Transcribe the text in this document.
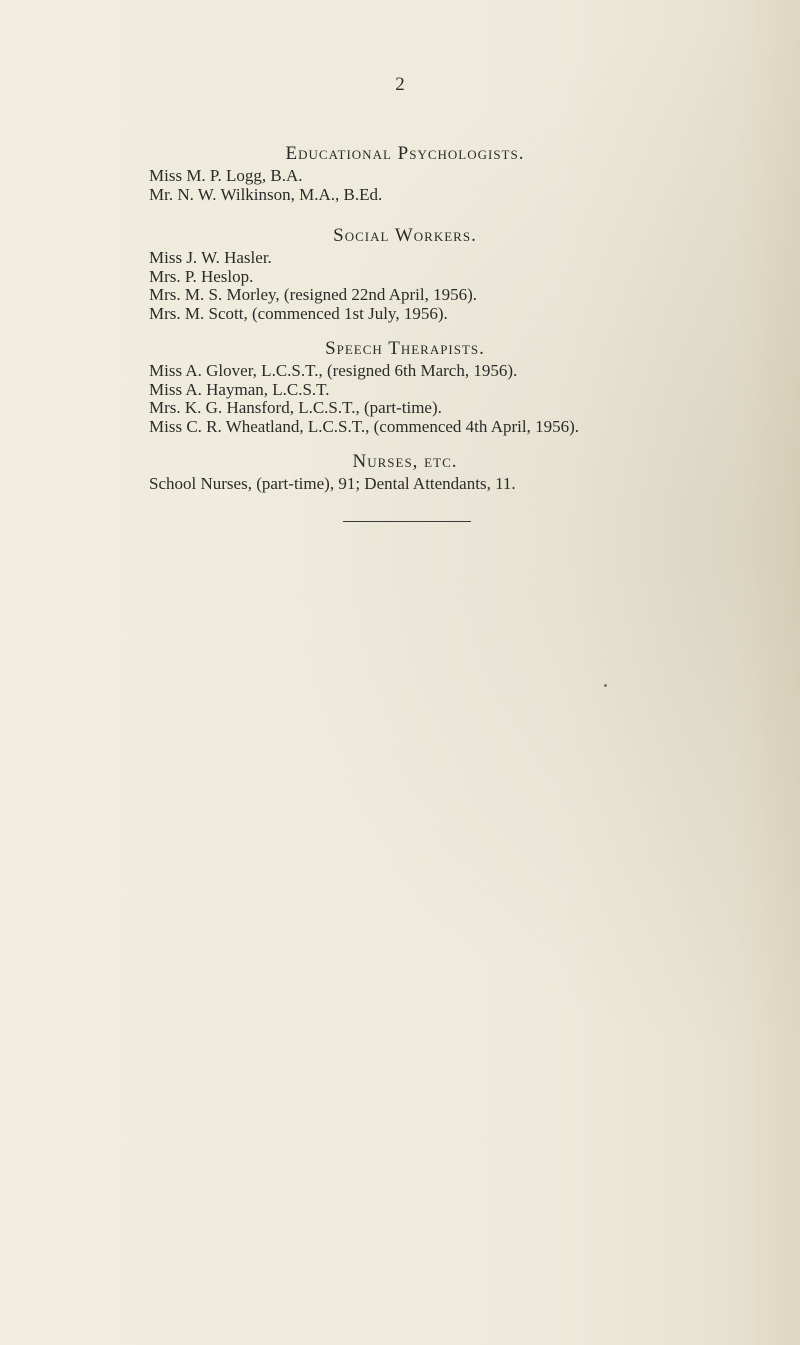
2
Educational Psychologists.
Miss M. P. Logg, B.A.
Mr. N. W. Wilkinson, M.A., B.Ed.
Social Workers.
Miss J. W. Hasler.
Mrs. P. Heslop.
Mrs. M. S. Morley, (resigned 22nd April, 1956).
Mrs. M. Scott, (commenced 1st July, 1956).
Speech Therapists.
Miss A. Glover, L.C.S.T., (resigned 6th March, 1956).
Miss A. Hayman, L.C.S.T.
Mrs. K. G. Hansford, L.C.S.T., (part-time).
Miss C. R. Wheatland, L.C.S.T., (commenced 4th April, 1956).
Nurses, etc.
School Nurses, (part-time), 91; Dental Attendants, 11.
